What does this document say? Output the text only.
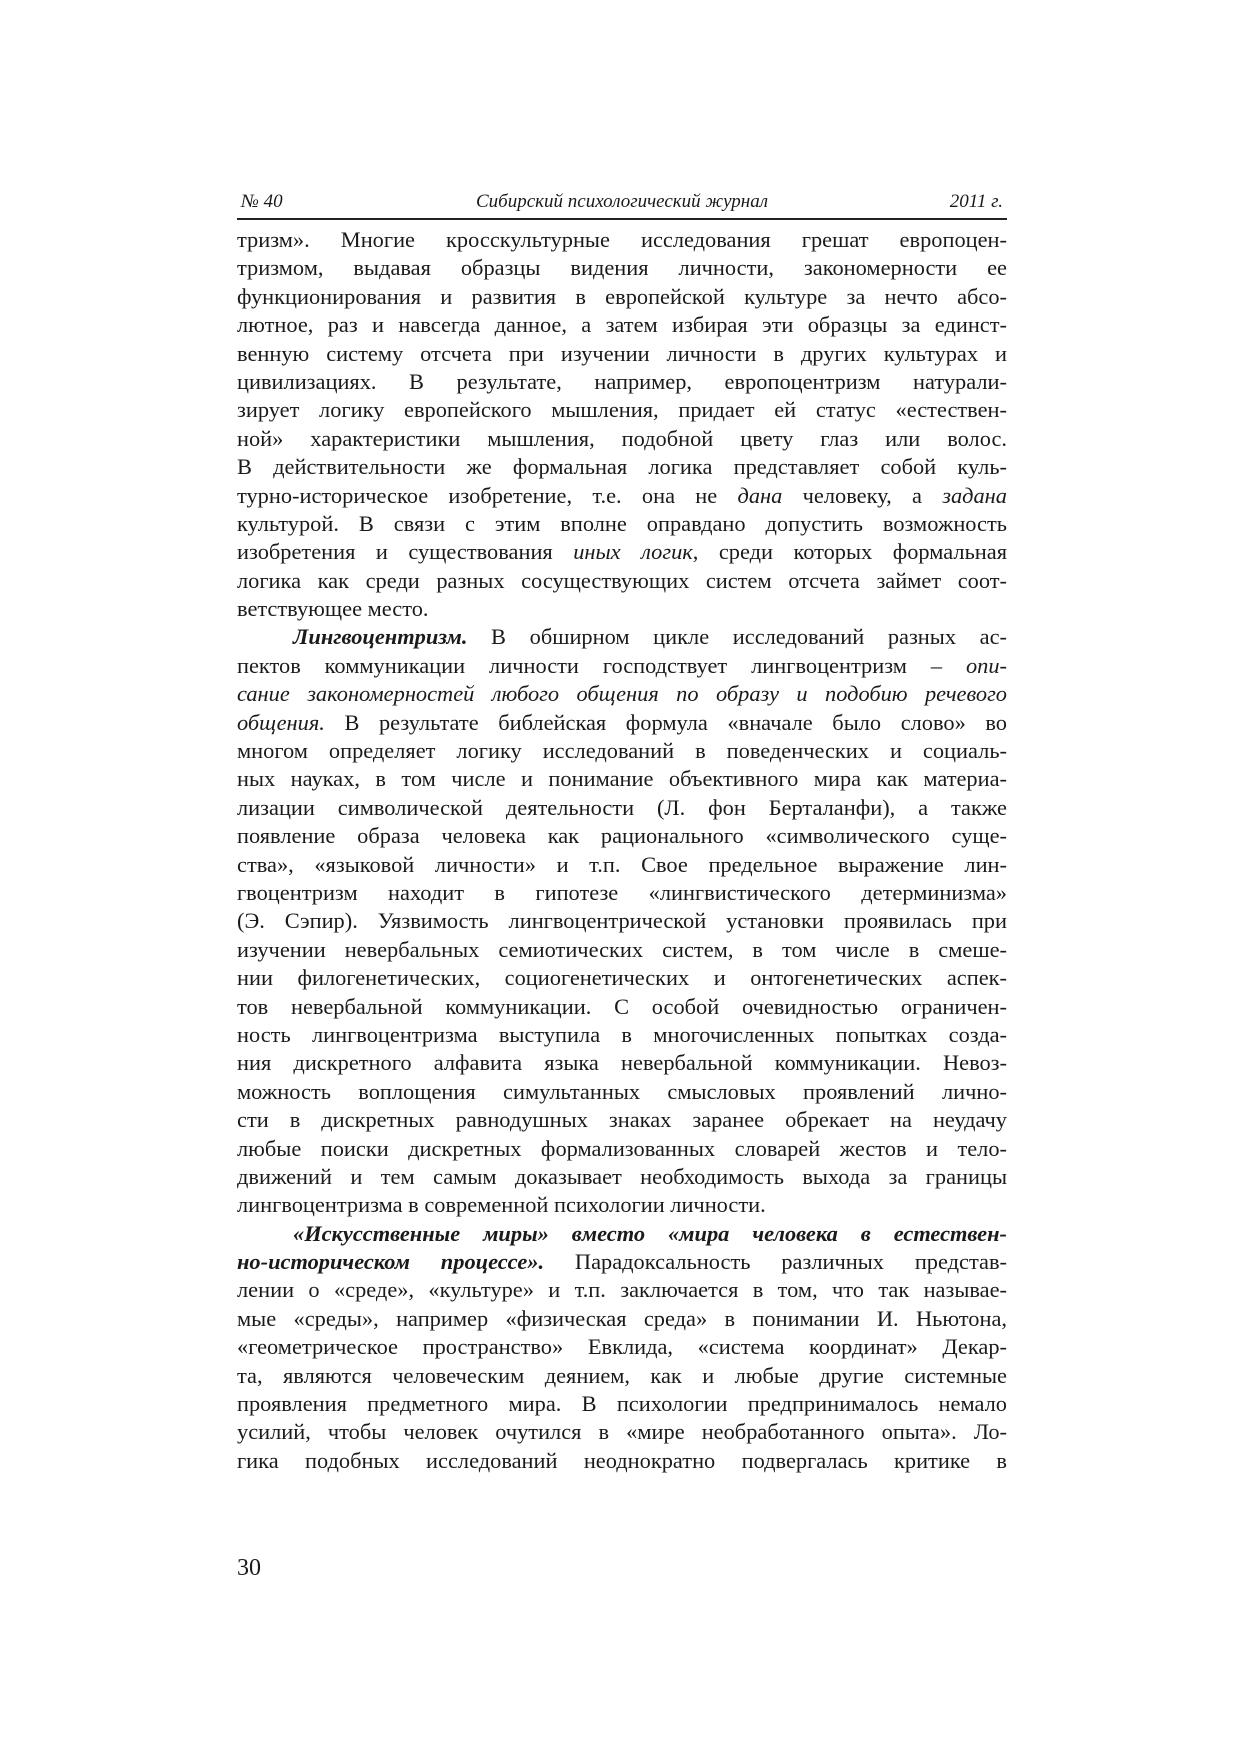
№ 40	Сибирский психологический журнал	2011 г.
тризм». Многие кросскультурные исследования грешат европоцен-
тризмом, выдавая образцы видения личности, закономерности ее
функционирования и развития в европейской культуре за нечто абсо-
лютное, раз и навсегда данное, а затем избирая эти образцы за единст-
венную систему отсчета при изучении личности в других культурах и
цивилизациях. В результате, например, европоцентризм натурали-
зирует логику европейского мышления, придает ей статус «естествен-
ной» характеристики мышления, подобной цвету глаз или волос.
В действительности же формальная логика представляет собой куль-
турно-историческое изобретение, т.е. она не дана человеку, а задана
культурой. В связи с этим вполне оправдано допустить возможность
изобретения и существования иных логик, среди которых формальная
логика как среди разных сосуществующих систем отсчета займет соот-
ветствующее место.
Лингвоцентризм. В обширном цикле исследований разных ас-
пектов коммуникации личности господствует лингвоцентризм – опи-
сание закономерностей любого общения по образу и подобию речевого
общения. В результате библейская формула «вначале было слово» во
многом определяет логику исследований в поведенческих и социаль-
ных науках, в том числе и понимание объективного мира как материа-
лизации символической деятельности (Л. фон Берталанфи), а также
появление образа человека как рационального «символического суще-
ства», «языковой личности» и т.п. Свое предельное выражение лин-
гвоцентризм находит в гипотезе «лингвистического детерминизма»
(Э. Сэпир). Уязвимость лингвоцентрической установки проявилась при
изучении невербальных семиотических систем, в том числе в смеше-
нии филогенетических, социогенетических и онтогенетических аспек-
тов невербальной коммуникации. С особой очевидностью ограничен-
ность лингвоцентризма выступила в многочисленных попытках созда-
ния дискретного алфавита языка невербальной коммуникации. Невоз-
можность воплощения симультанных смысловых проявлений лично-
сти в дискретных равнодушных знаках заранее обрекает на неудачу
любые поиски дискретных формализованных словарей жестов и тело-
движений и тем самым доказывает необходимость выхода за границы
лингвоцентризма в современной психологии личности.
«Искусственные миры» вместо «мира человека в естествен-
но-историческом процессе». Парадоксальность различных представ-
лении о «среде», «культуре» и т.п. заключается в том, что так называе-
мые «среды», например «физическая среда» в понимании И. Ньютона,
«геометрическое пространство» Евклида, «система координат» Декар-
та, являются человеческим деянием, как и любые другие системные
проявления предметного мира. В психологии предпринималось немало
усилий, чтобы человек очутился в «мире необработанного опыта». Ло-
гика подобных исследований неоднократно подвергалась критике в
30
